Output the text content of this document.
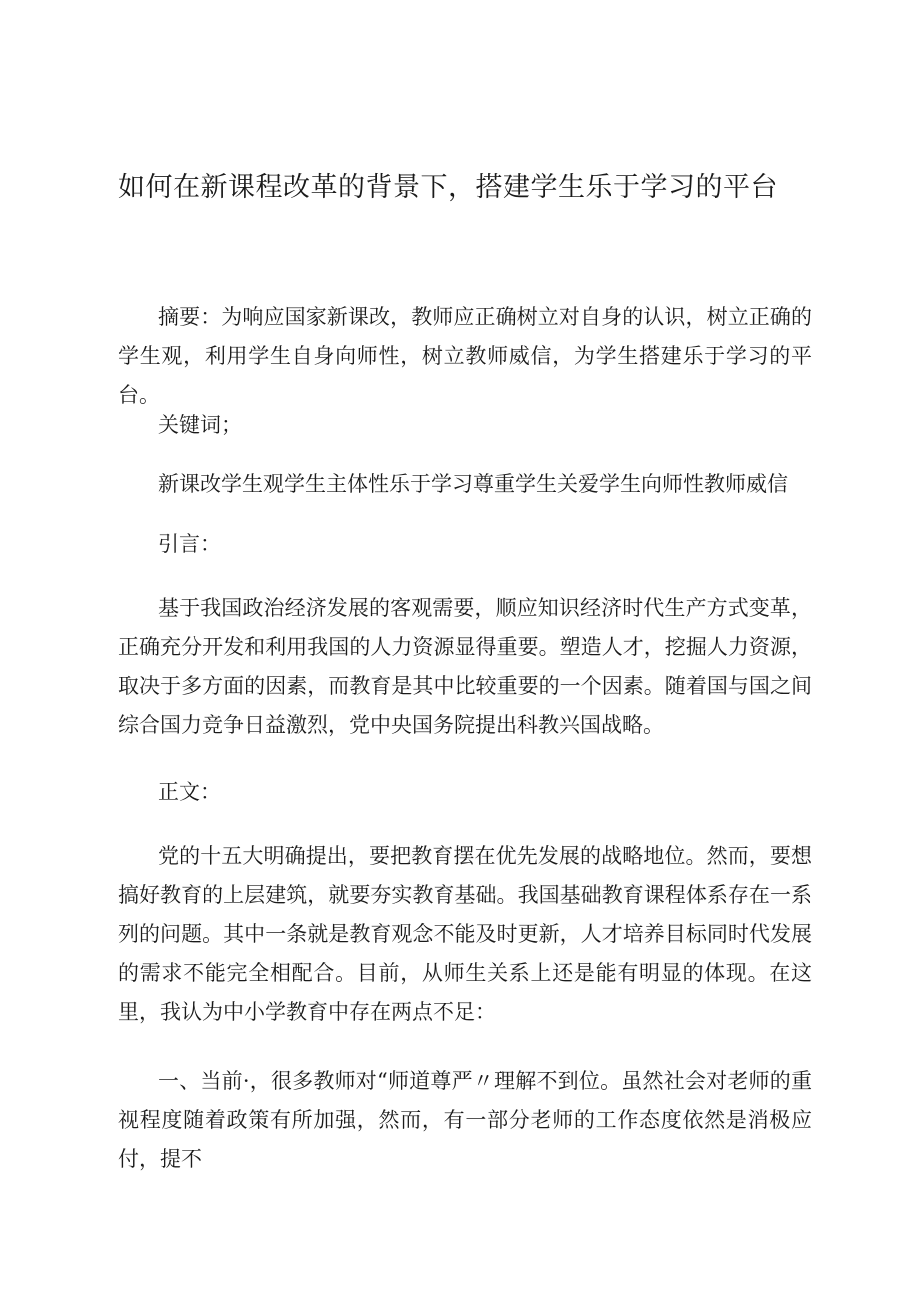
如何在新课程改革的背景下，搭建学生乐于学习的平台

摘要：为响应国家新课改，教师应正确树立对自身的认识，树立正确的学生观，利用学生自身向师性，树立教师威信，为学生搭建乐于学习的平台。

关键词；

新课改学生观学生主体性乐于学习尊重学生关爱学生向师性教师威信

引言：

基于我国政治经济发展的客观需要，顺应知识经济时代生产方式变革，正确充分开发和利用我国的人力资源显得重要。塑造人才，挖掘人力资源，取决于多方面的因素，而教育是其中比较重要的一个因素。随着国与国之间综合国力竞争日益激烈，党中央国务院提出科教兴国战略。

正文：

党的十五大明确提出，要把教育摆在优先发展的战略地位。然而，要想搞好教育的上层建筑，就要夯实教育基础。我国基础教育课程体系存在一系列的问题。其中一条就是教育观念不能及时更新，人才培养目标同时代发展的需求不能完全相配合。目前，从师生关系上还是能有明显的体现。在这里，我认为中小学教育中存在两点不足：

一、当前·，很多教师对“师道尊严〃理解不到位。虽然社会对老师的重视程度随着政策有所加强，然而，有一部分老师的工作态度依然是消极应付，提不
